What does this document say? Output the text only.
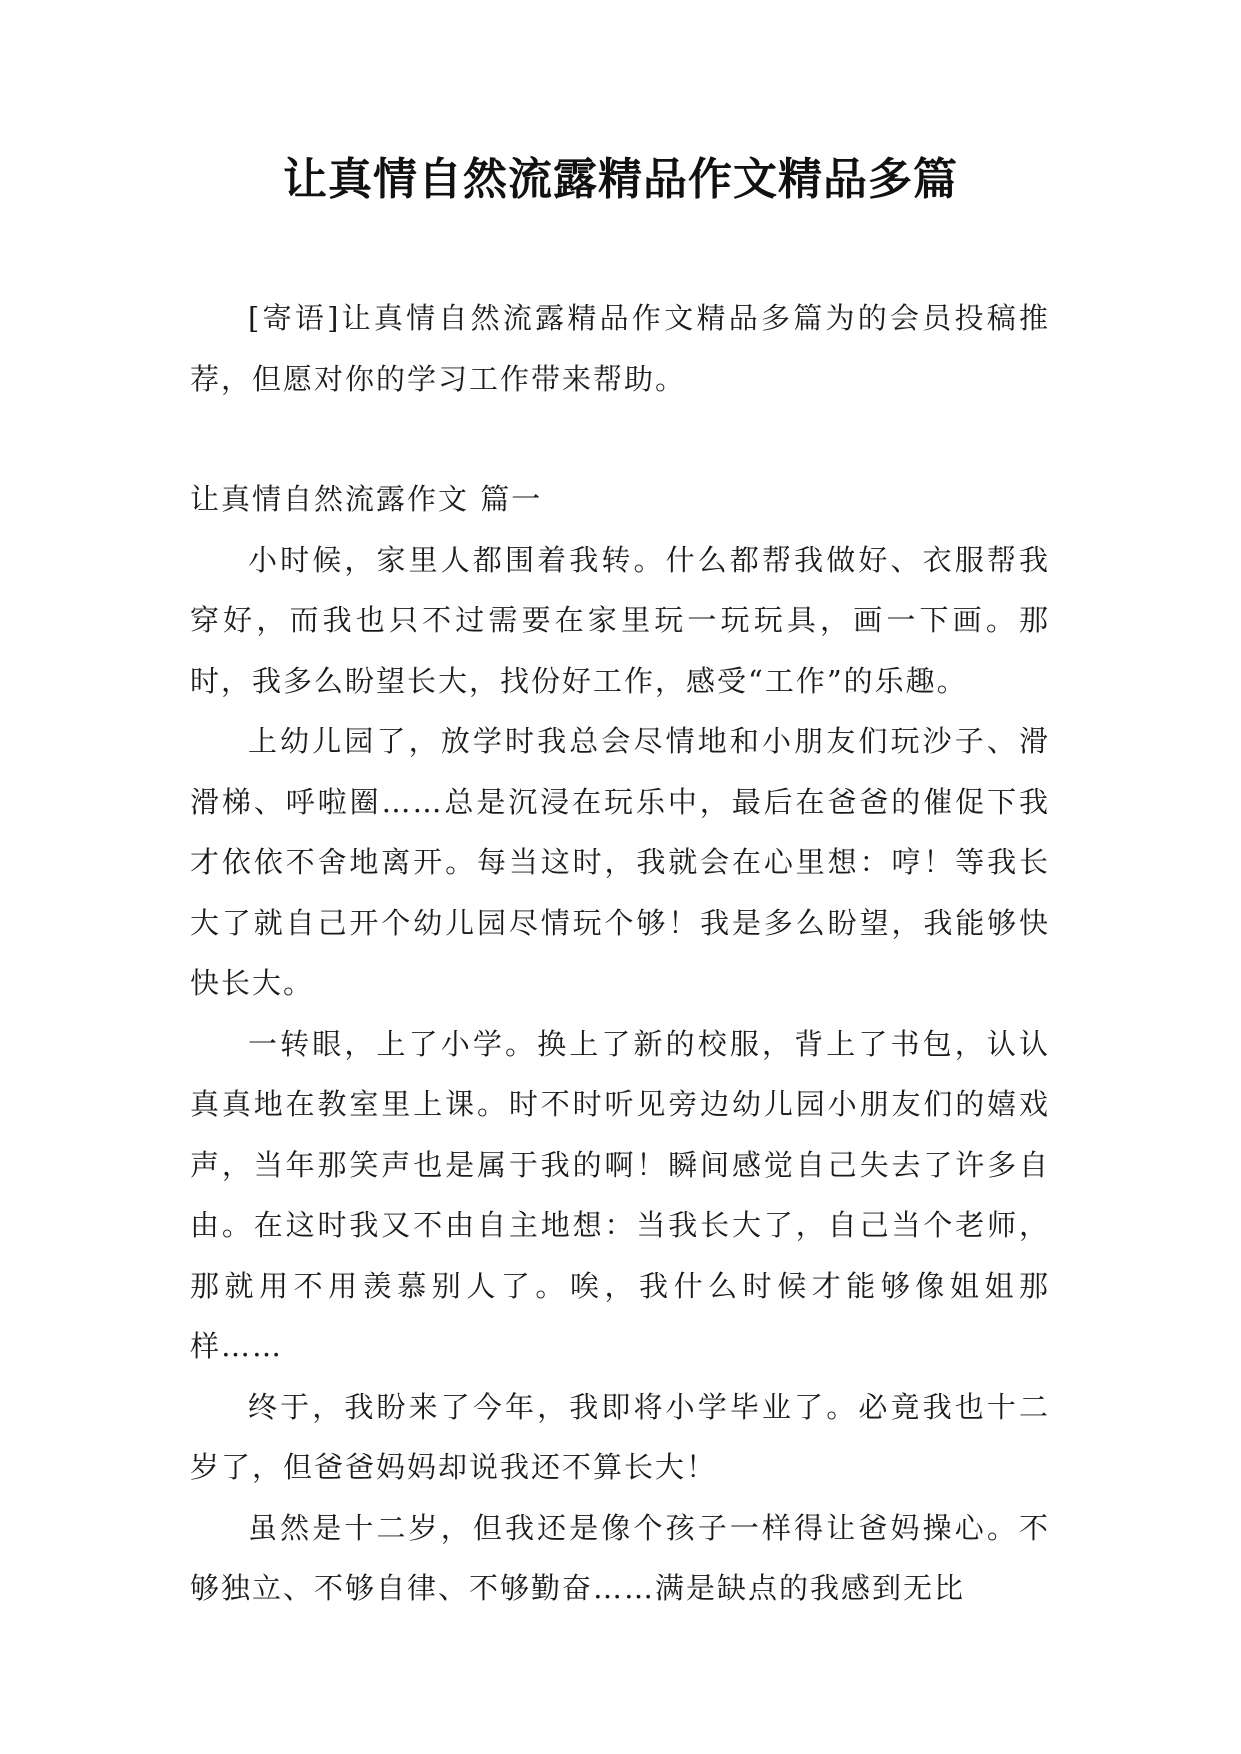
让真情自然流露精品作文精品多篇

[寄语]让真情自然流露精品作文精品多篇为的会员投稿推荐，但愿对你的学习工作带来帮助。

让真情自然流露作文 篇一

小时候，家里人都围着我转。什么都帮我做好、衣服帮我穿好，而我也只不过需要在家里玩一玩玩具，画一下画。那时，我多么盼望长大，找份好工作，感受“工作”的乐趣。

上幼儿园了，放学时我总会尽情地和小朋友们玩沙子、滑滑梯、呼啦圈……总是沉浸在玩乐中，最后在爸爸的催促下我才依依不舍地离开。每当这时，我就会在心里想：哼！等我长大了就自己开个幼儿园尽情玩个够！我是多么盼望，我能够快快长大。

一转眼，上了小学。换上了新的校服，背上了书包，认认真真地在教室里上课。时不时听见旁边幼儿园小朋友们的嬉戏声，当年那笑声也是属于我的啊！瞬间感觉自己失去了许多自由。在这时我又不由自主地想：当我长大了，自己当个老师，那就用不用羡慕别人了。唉，我什么时候才能够像姐姐那样……

终于，我盼来了今年，我即将小学毕业了。必竟我也十二岁了，但爸爸妈妈却说我还不算长大！

虽然是十二岁，但我还是像个孩子一样得让爸妈操心。不够独立、不够自律、不够勤奋……满是缺点的我感到无比
